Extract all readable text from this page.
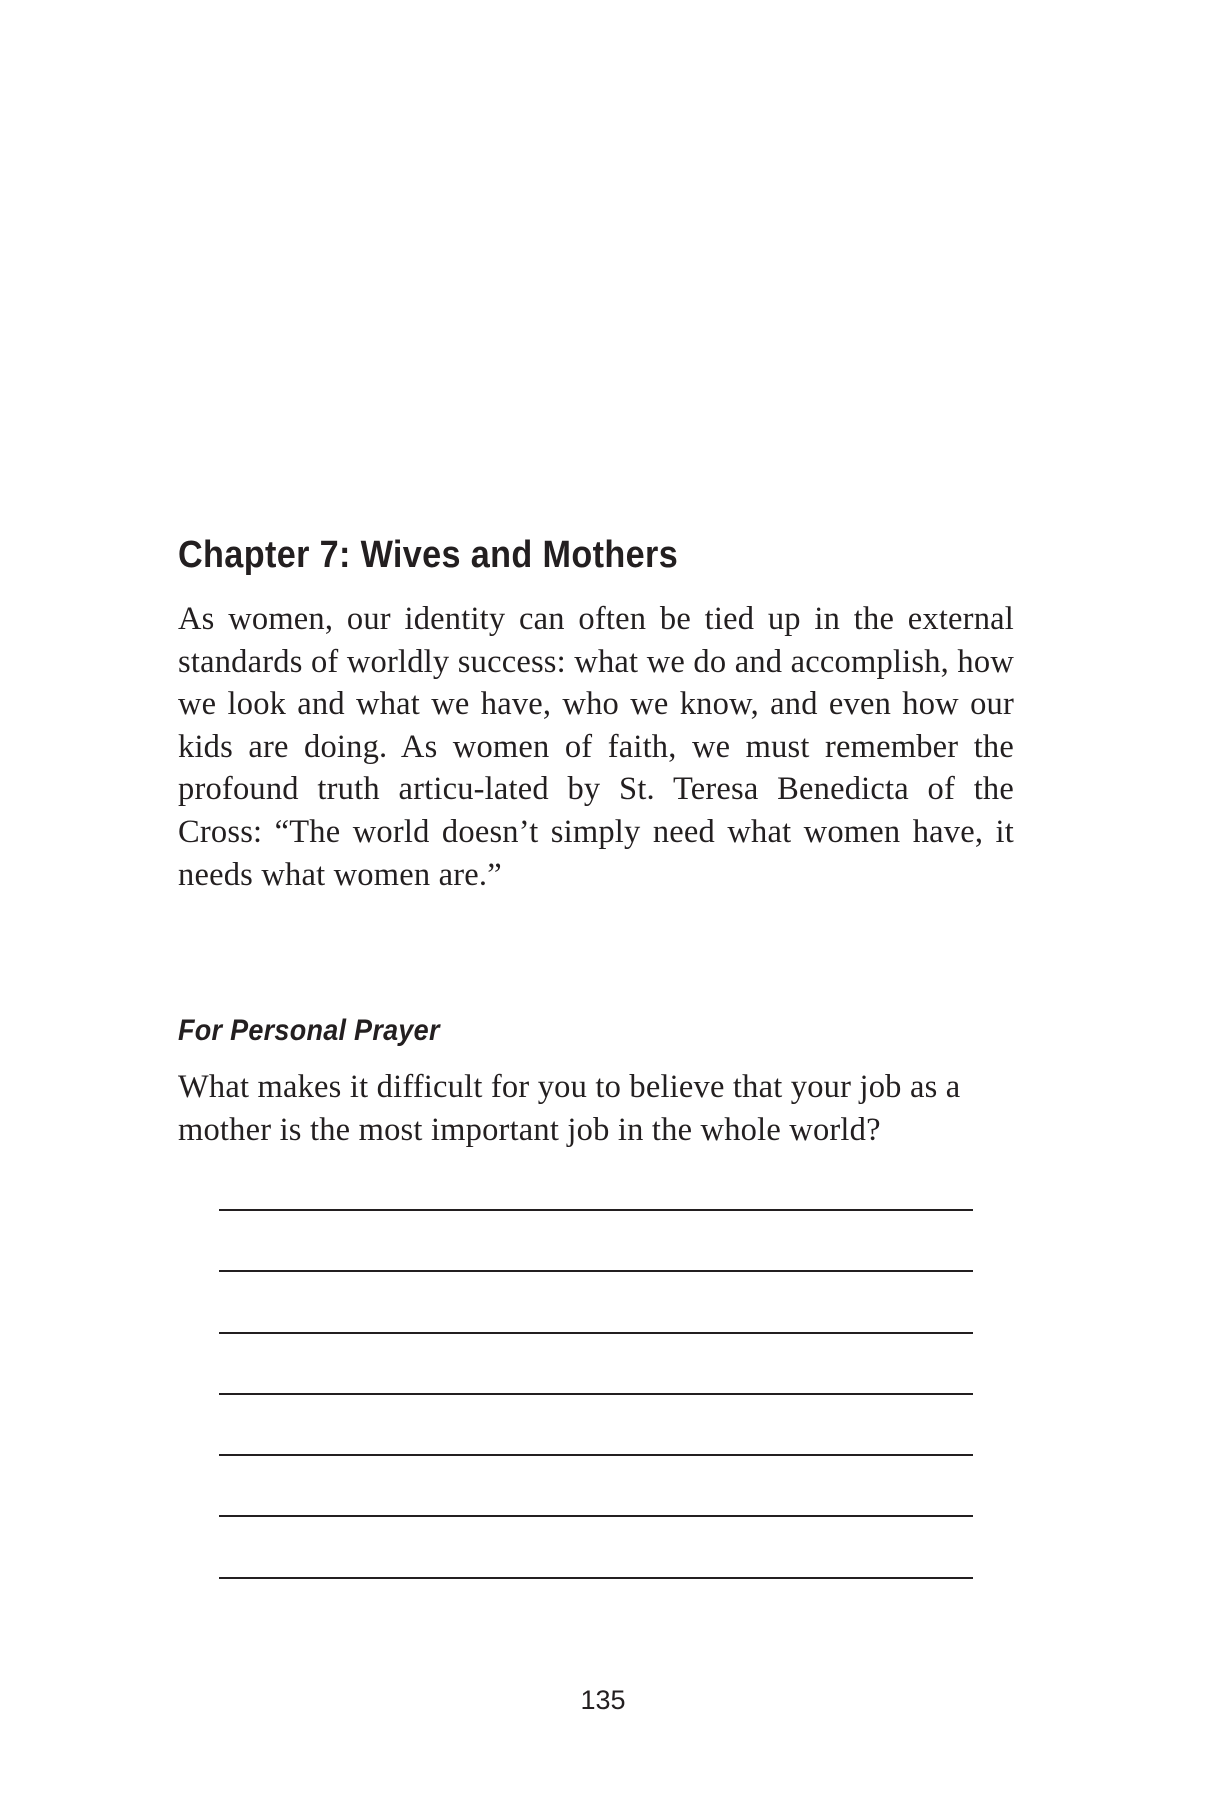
Chapter 7: Wives and Mothers

As women, our identity can often be tied up in the external standards of worldly success: what we do and accomplish, how we look and what we have, who we know, and even how our kids are doing. As women of faith, we must remember the profound truth articu-lated by St. Teresa Benedicta of the Cross: “The world doesn’t simply need what women have, it needs what women are.”

For Personal Prayer

What makes it difficult for you to believe that your job as a mother is the most important job in the whole world?

135
